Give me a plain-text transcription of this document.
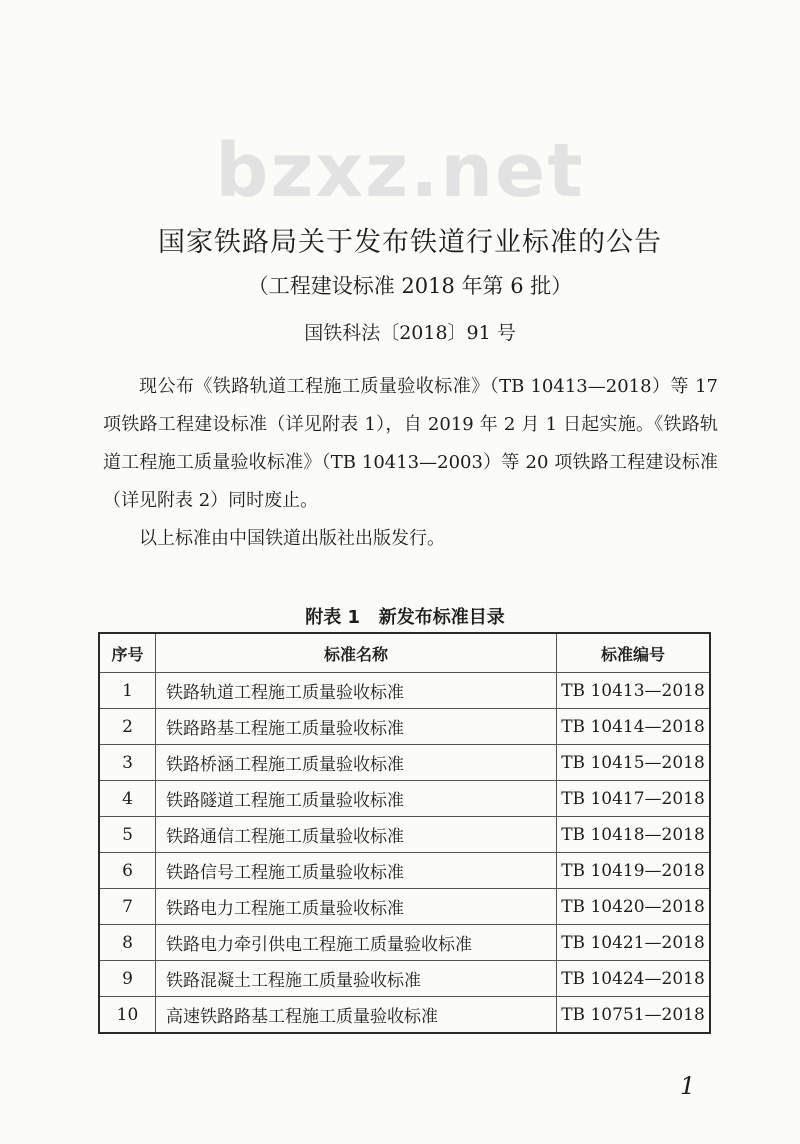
bzxz.net
国家铁路局关于发布铁道行业标准的公告
（工程建设标准 2018 年第 6 批）
国铁科法〔2018〕91 号

现公布《铁路轨道工程施工质量验收标准》（TB 10413—2018）等 17 项铁路工程建设标准（详见附表 1），自 2019 年 2 月 1 日起实施。《铁路轨道工程施工质量验收标准》（TB 10413—2003）等 20 项铁路工程建设标准（详见附表 2）同时废止。

以上标准由中国铁道出版社出版发行。

附表 1   新发布标准目录
序号	标准名称	标准编号
1	铁路轨道工程施工质量验收标准	TB 10413—2018
2	铁路路基工程施工质量验收标准	TB 10414—2018
3	铁路桥涵工程施工质量验收标准	TB 10415—2018
4	铁路隧道工程施工质量验收标准	TB 10417—2018
5	铁路通信工程施工质量验收标准	TB 10418—2018
6	铁路信号工程施工质量验收标准	TB 10419—2018
7	铁路电力工程施工质量验收标准	TB 10420—2018
8	铁路电力牵引供电工程施工质量验收标准	TB 10421—2018
9	铁路混凝土工程施工质量验收标准	TB 10424—2018
10	高速铁路路基工程施工质量验收标准	TB 10751—2018
1
